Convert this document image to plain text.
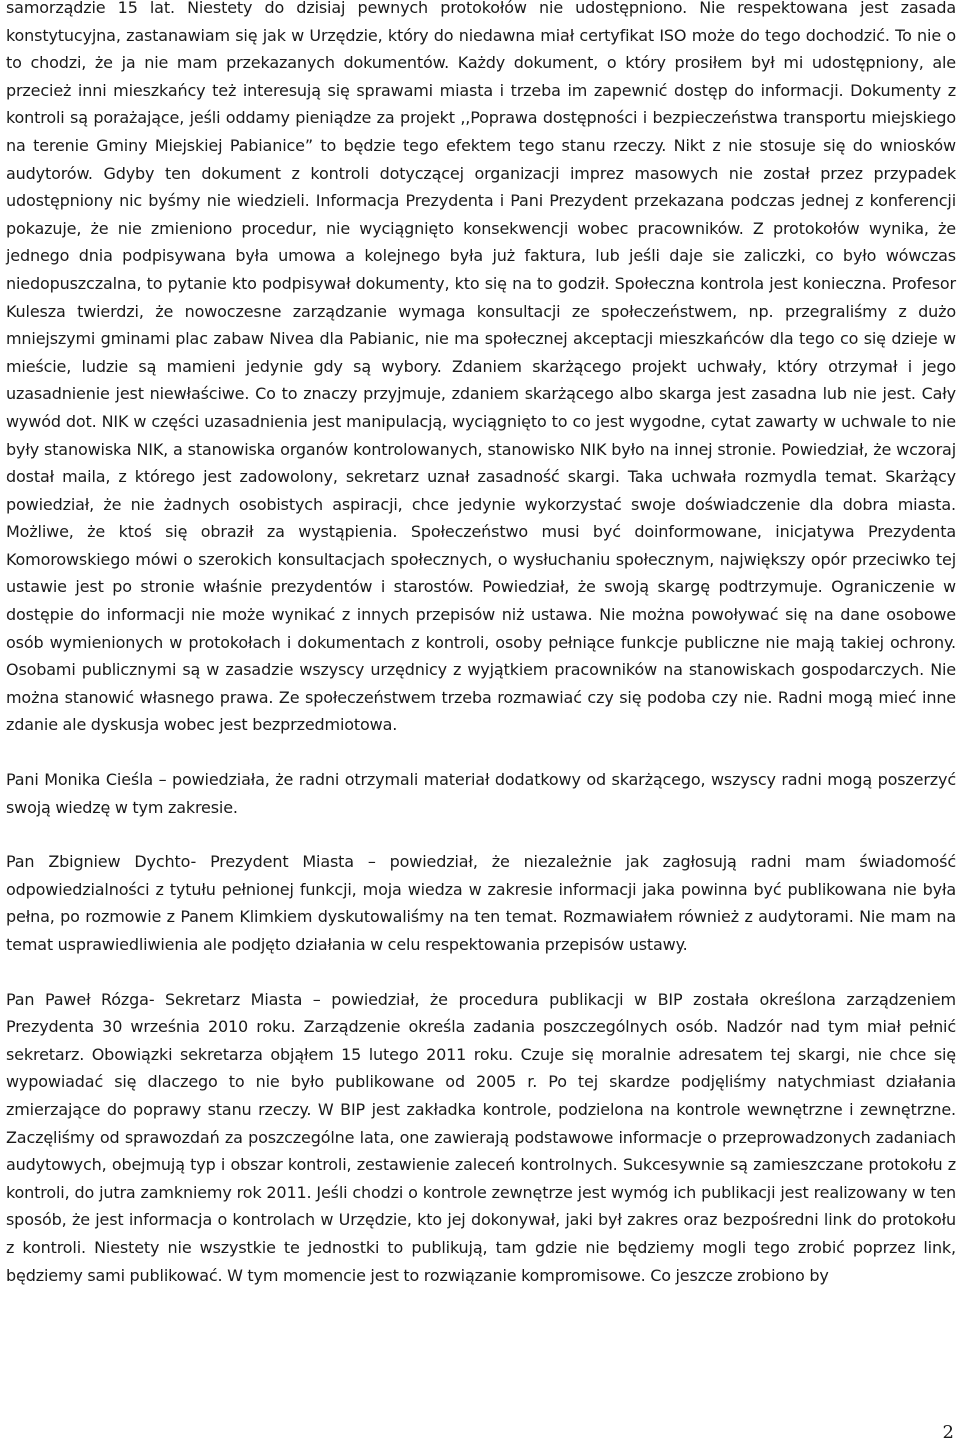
samorządzie 15 lat. Niestety do dzisiaj pewnych protokołów nie udostępniono. Nie respektowana jest zasada konstytucyjna, zastanawiam się jak w Urzędzie, który do niedawna miał certyfikat ISO może do tego dochodzić. To nie o to chodzi, że ja nie mam przekazanych dokumentów. Każdy dokument, o który prosiłem był mi udostępniony, ale przecież inni mieszkańcy też interesują się sprawami miasta i trzeba im zapewnić dostęp do informacji. Dokumenty z kontroli są porażające, jeśli oddamy pieniądze za projekt ,,Poprawa dostępności i bezpieczeństwa transportu miejskiego na terenie Gminy Miejskiej Pabianice” to będzie tego efektem tego stanu rzeczy. Nikt z nie stosuje się do wniosków audytorów. Gdyby ten dokument z kontroli dotyczącej organizacji imprez masowych nie został przez przypadek udostępniony nic byśmy nie wiedzieli. Informacja Prezydenta i Pani Prezydent przekazana podczas jednej z konferencji pokazuje, że nie zmieniono procedur, nie wyciągnięto konsekwencji wobec pracowników. Z protokołów wynika, że jednego dnia podpisywana była umowa a kolejnego była już faktura, lub jeśli daje sie zaliczki, co było wówczas niedopuszczalna, to pytanie kto podpisywał dokumenty, kto się na to godził. Społeczna kontrola jest konieczna. Profesor Kulesza twierdzi, że nowoczesne zarządzanie wymaga konsultacji ze społeczeństwem, np. przegraliśmy z dużo mniejszymi gminami plac zabaw Nivea dla Pabianic, nie ma społecznej akceptacji mieszkańców dla tego co się dzieje w mieście, ludzie są mamieni jedynie gdy są wybory. Zdaniem skarżącego projekt uchwały, który otrzymał i jego uzasadnienie jest niewłaściwe. Co to znaczy przyjmuje, zdaniem skarżącego albo skarga jest zasadna lub nie jest. Cały wywód dot. NIK w części uzasadnienia jest manipulacją, wyciągnięto to co jest wygodne, cytat zawarty w uchwale to nie były stanowiska NIK, a stanowiska organów kontrolowanych, stanowisko NIK było na innej stronie. Powiedział, że wczoraj dostał maila, z którego jest zadowolony, sekretarz uznał zasadność skargi. Taka uchwała rozmydla temat. Skarżący powiedział, że nie żadnych osobistych aspiracji, chce jedynie wykorzystać swoje doświadczenie dla dobra miasta. Możliwe, że ktoś się obraził za wystąpienia. Społeczeństwo musi być doinformowane, inicjatywa Prezydenta Komorowskiego mówi o szerokich konsultacjach społecznych, o wysłuchaniu społecznym, największy opór przeciwko tej ustawie jest po stronie właśnie prezydentów i starostów. Powiedział, że swoją skargę podtrzymuje. Ograniczenie w dostępie do informacji nie może wynikać z innych przepisów niż ustawa. Nie można powoływać się na dane osobowe osób wymienionych w protokołach i dokumentach z kontroli, osoby pełniące funkcje publiczne nie mają takiej ochrony. Osobami publicznymi są w zasadzie wszyscy urzędnicy z wyjątkiem pracowników na stanowiskach gospodarczych. Nie można stanowić własnego prawa. Ze społeczeństwem trzeba rozmawiać czy się podoba czy nie. Radni mogą mieć inne zdanie ale dyskusja wobec jest bezprzedmiotowa.

Pani Monika Cieśla – powiedziała, że radni otrzymali materiał dodatkowy od skarżącego, wszyscy radni mogą poszerzyć swoją wiedzę w tym zakresie.

Pan Zbigniew Dychto- Prezydent Miasta – powiedział, że niezależnie jak zagłosują radni mam świadomość odpowiedzialności z tytułu pełnionej funkcji, moja wiedza w zakresie informacji jaka powinna być publikowana nie była pełna, po rozmowie z Panem Klimkiem dyskutowaliśmy na ten temat. Rozmawiałem również z audytorami. Nie mam na temat usprawiedliwienia ale podjęto działania w celu respektowania przepisów ustawy.

Pan Paweł Rózga- Sekretarz Miasta – powiedział, że procedura publikacji w BIP została określona zarządzeniem Prezydenta 30 września 2010 roku. Zarządzenie określa zadania poszczególnych osób. Nadzór nad tym miał pełnić sekretarz. Obowiązki sekretarza objąłem 15 lutego 2011 roku. Czuje się moralnie adresatem tej skargi, nie chce się wypowiadać się dlaczego to nie było publikowane od 2005 r. Po tej skardze podjęliśmy natychmiast działania zmierzające do poprawy stanu rzeczy. W BIP jest zakładka kontrole, podzielona na kontrole wewnętrzne i zewnętrzne. Zaczęliśmy od sprawozdań za poszczególne lata, one zawierają podstawowe informacje o przeprowadzonych zadaniach audytowych, obejmują typ i obszar kontroli, zestawienie zaleceń kontrolnych. Sukcesywnie są zamieszczane protokołu z kontroli, do jutra zamkniemy rok 2011. Jeśli chodzi o kontrole zewnętrze jest wymóg ich publikacji jest realizowany w ten sposób, że jest informacja o kontrolach w Urzędzie, kto jej dokonywał, jaki był zakres oraz bezpośredni link do protokołu z kontroli. Niestety nie wszystkie te jednostki to publikują, tam gdzie nie będziemy mogli tego zrobić poprzez link, będziemy sami publikować. W tym momencie jest to rozwiązanie kompromisowe. Co jeszcze zrobiono by

2
